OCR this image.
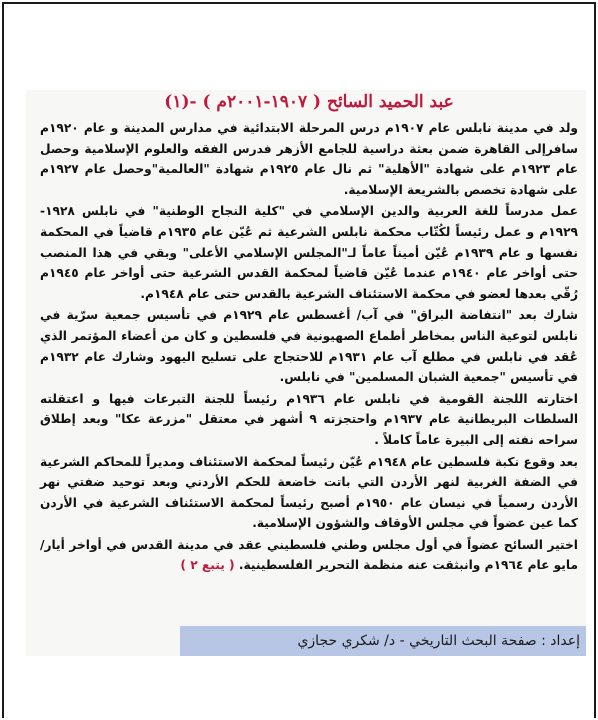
عبد الحميد السائح ( ١٩٠٧-٢٠٠١م ) -(١)

ولد في مدينة نابلس عام ١٩٠٧م درس المرحلة الابتدائية في مدارس المدينة و عام ١٩٢٠م سافرإلى القاهرة ضمن بعثة دراسية للجامع الأزهر فدرس الفقه والعلوم الإسلامية وحصل عام ١٩٢٣م على شهادة "الأهلية" ثم نال عام ١٩٢٥م شهادة "العالمية"وحصل عام ١٩٢٧م على شهادة تخصص بالشريعة الإسلامية.

عمل مدرساً للغة العربية والدين الإسلامي في "كلية النجاح الوطنية" في نابلس ١٩٢٨- ١٩٢٩م و عمل رئيساً لكُتّاب محكمة نابلس الشرعية ثم عُيّن عام ١٩٣٥م قاضياً في المحكمة نفسها و عام ١٩٣٩م عُيّن أميناً عاماً لـ"المجلس الإسلامي الأعلى" وبقي في هذا المنصب حتى أواخر عام ١٩٤٠م عندما عُيّن قاضياً لمحكمة القدس الشرعية حتى أواخر عام ١٩٤٥م رُقّي بعدها لعضو في محكمة الاستئناف الشرعية بالقدس حتى عام ١٩٤٨م.

شارك بعد "انتفاضة البراق" في آب/ أغسطس عام ١٩٢٩م في تأسيس جمعية سرّية في نابلس لتوعية الناس بمخاطر أطماع الصهيونية في فلسطين و كان من أعضاء المؤتمر الذي عُقد في نابلس في مطلع آب عام ١٩٣١م للاحتجاج على تسليح اليهود وشارك عام ١٩٣٢م في تأسيس "جمعية الشبان المسلمين" في نابلس.

اختارته اللجنة القومية في نابلس عام ١٩٣٦م رئيساً للجنة التبرعات فيها و اعتقلته السلطات البريطانية عام ١٩٣٧م واحتجزته ٩ أشهر في معتقل "مزرعة عكا" وبعد إطلاق سراحه نفته إلى البيرة عاماً كاملاً .

بعد وقوع نكبة فلسطين عام ١٩٤٨م عُيّن رئيساً لمحكمة الاستئناف ومديراً للمحاكم الشرعية في الضفة الغربية لنهر الأردن التي باتت خاضعة للحكم الأردني وبعد توحيد ضفتي نهر الأردن رسمياً في نيسان عام ١٩٥٠م أصبح رئيساً لمحكمة الاستئناف الشرعية في الأردن كما عين عضواً في مجلس الأوقاف والشؤون الإسلامية.

اختير السائح عضواً في أول مجلس وطني فلسطيني عقد في مدينة القدس في أواخر أيار/ مايو عام ١٩٦٤م وانبثقت عنه منظمة التحرير الفلسطينية. ( يتبع ٢ )

إعداد : صفحة البحث التاريخي - د/ شكري حجازي
